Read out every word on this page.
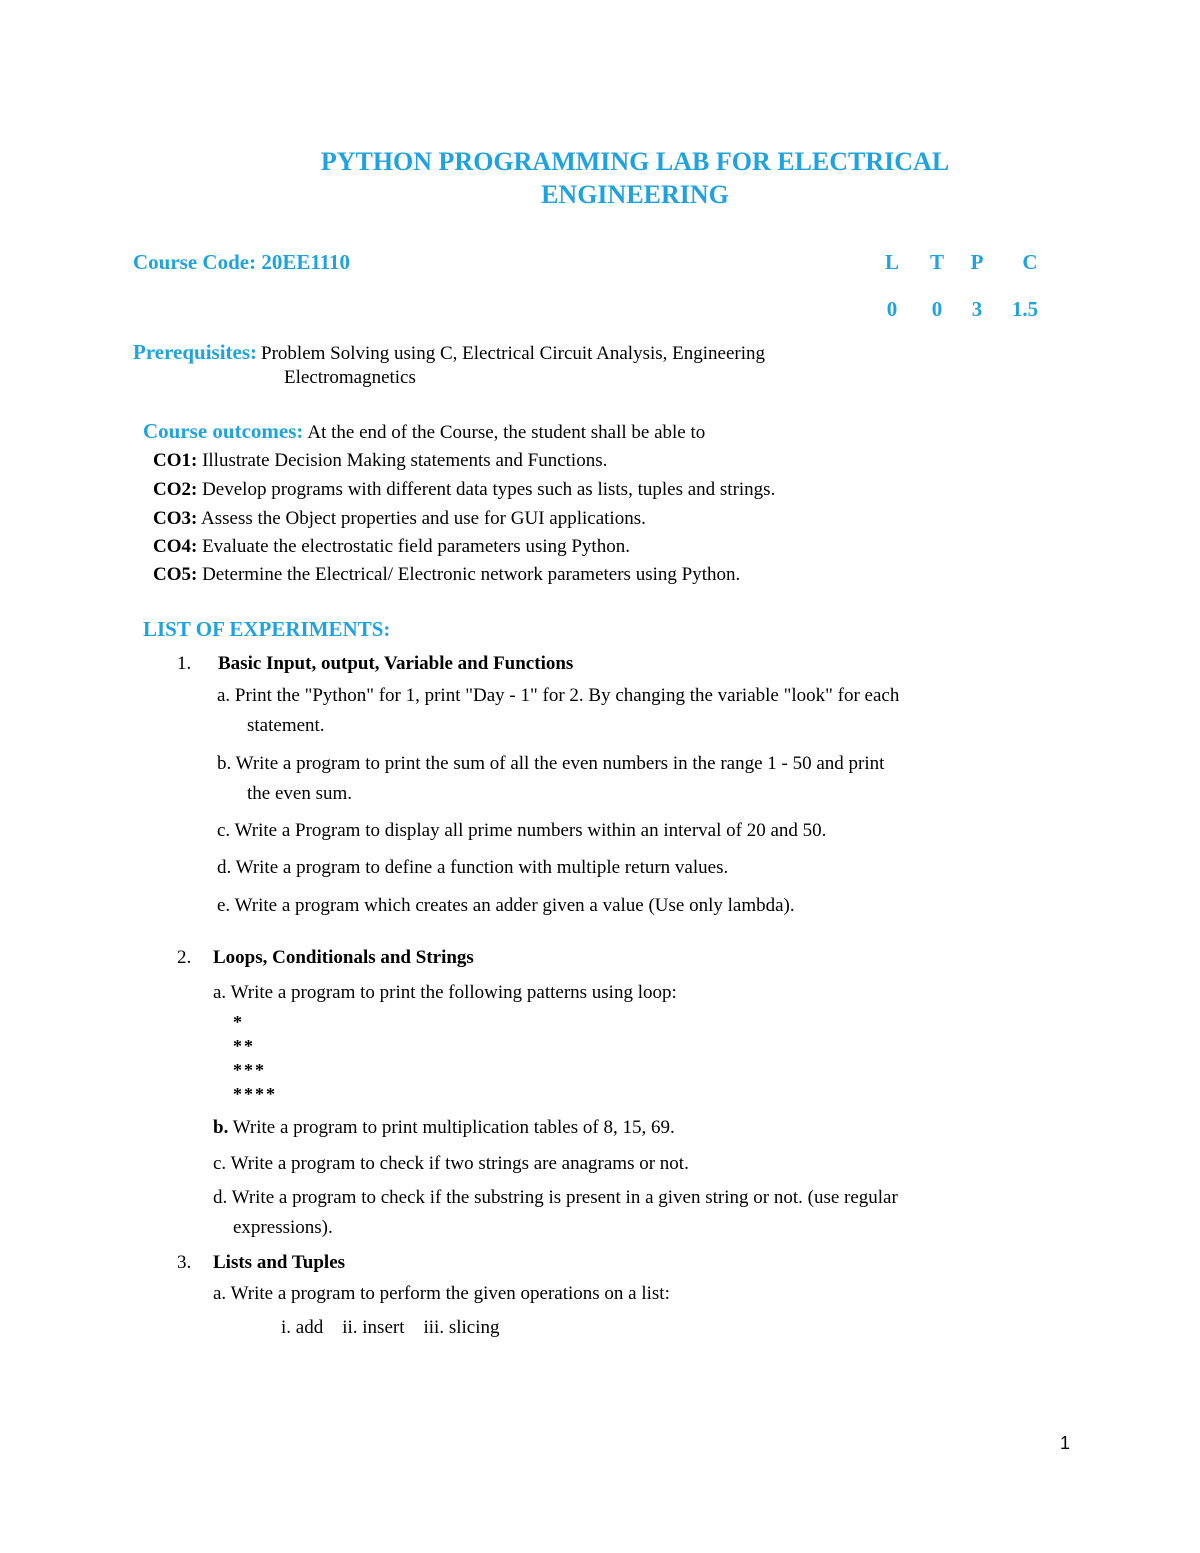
PYTHON PROGRAMMING LAB FOR ELECTRICAL
ENGINEERING
Course Code: 20EE1110	L	T	P	C
0	0	3	1.5
Prerequisites: Problem Solving using C, Electrical Circuit Analysis, Engineering
Electromagnetics
Course outcomes: At the end of the Course, the student shall be able to
CO1: Illustrate Decision Making statements and Functions.
CO2: Develop programs with different data types such as lists, tuples and strings.
CO3: Assess the Object properties and use for GUI applications.
CO4: Evaluate the electrostatic field parameters using Python.
CO5: Determine the Electrical/ Electronic network parameters using Python.
LIST OF EXPERIMENTS:
1. Basic Input, output, Variable and Functions
a. Print the "Python" for 1, print "Day - 1" for 2. By changing the variable "look" for each
statement.
b. Write a program to print the sum of all the even numbers in the range 1 - 50 and print
the even sum.
c. Write a Program to display all prime numbers within an interval of 20 and 50.
d. Write a program to define a function with multiple return values.
e. Write a program which creates an adder given a value (Use only lambda).
2. Loops, Conditionals and Strings
a. Write a program to print the following patterns using loop:
*
**
***
****
b. Write a program to print multiplication tables of 8, 15, 69.
c. Write a program to check if two strings are anagrams or not.
d. Write a program to check if the substring is present in a given string or not. (use regular
expressions).
3. Lists and Tuples
a. Write a program to perform the given operations on a list:
i. add    ii. insert    iii. slicing
1
